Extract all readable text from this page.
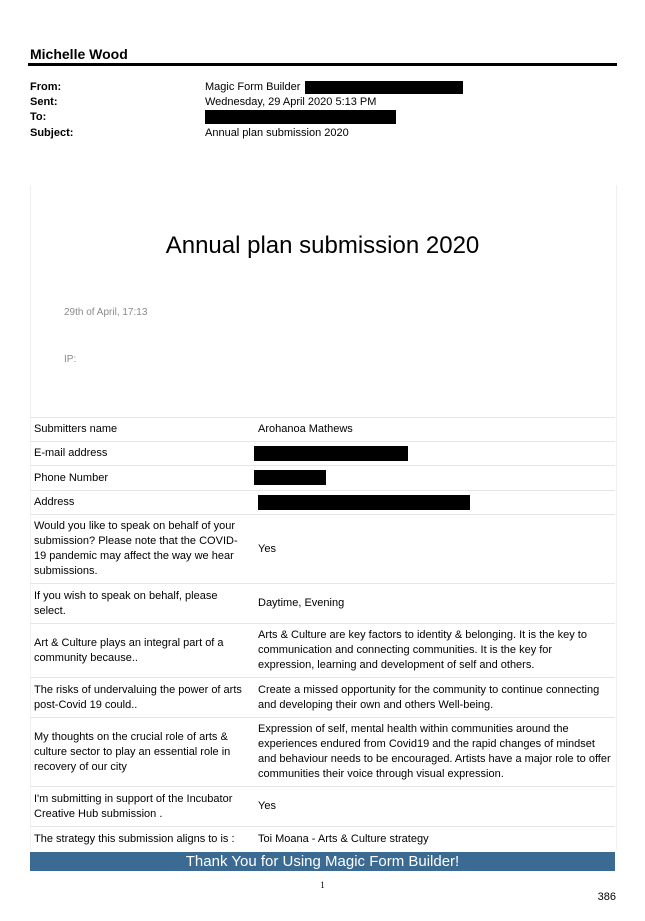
Michelle Wood
From:	Magic Form Builder
Sent:	Wednesday, 29 April 2020 5:13 PM
To:
Subject:	Annual plan submission 2020
Annual plan submission 2020
29th of April, 17:13
IP:
Submitters name	Arohanoa Mathews
E-mail address	
Phone Number	
Address	
Would you like to speak on behalf of your submission? Please note that the COVID-19 pandemic may affect the way we hear submissions.	Yes
If you wish to speak on behalf, please select.	Daytime, Evening
Art & Culture plays an integral part of a community because..	Arts & Culture are key factors to identity & belonging. It is the key to communication and connecting communities. It is the key for expression, learning and development of self and others.
The risks of undervaluing the power of arts post-Covid 19 could..	Create a missed opportunity for the community to continue connecting and developing their own and others Well-being.
My thoughts on the crucial role of arts & culture sector to play an essential role in recovery of our city	Expression of self, mental health within communities around the experiences endured from Covid19 and the rapid changes of mindset and behaviour needs to be encouraged. Artists have a major role to offer communities their voice through visual expression.
I'm submitting in support of the Incubator Creative Hub submission .	Yes
The strategy this submission aligns to is :	Toi Moana - Arts & Culture strategy
Thank You for Using Magic Form Builder!
1
386
